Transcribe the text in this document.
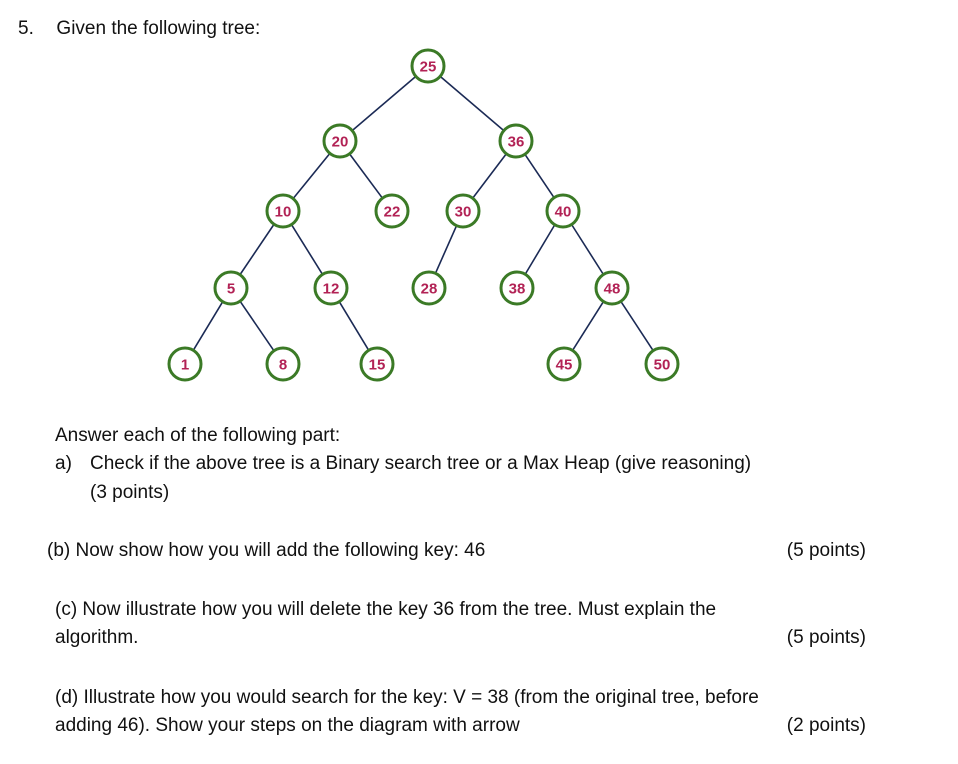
5. Given the following tree:
25
20	36
10	22	30	40
5	12	28	38	48
1	8	15	45	50
Answer each of the following part:
a) Check if the above tree is a Binary search tree or a Max Heap (give reasoning)
(3 points)
(b) Now show how you will add the following key: 46	(5 points)
(c) Now illustrate how you will delete the key 36 from the tree. Must explain the
algorithm.	(5 points)
(d) Illustrate how you would search for the key: V = 38 (from the original tree, before
adding 46). Show your steps on the diagram with arrow	(2 points)
